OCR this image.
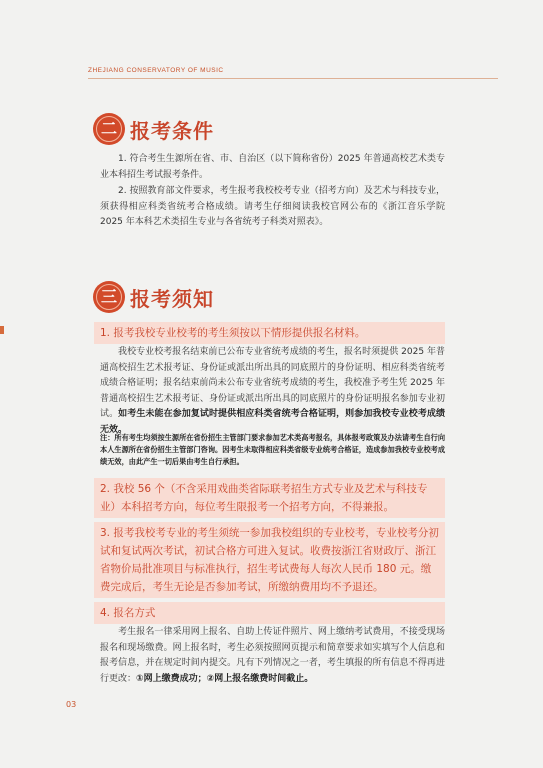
ZHEJIANG CONSERVATORY OF MUSIC
二 报考条件
1. 符合考生生源所在省、市、自治区（以下简称省份）2025 年普通高校艺术类专业本科招生考试报考条件。
2. 按照教育部文件要求，考生报考我校校考专业（招考方向）及艺术与科技专业，须获得相应科类省统考合格成绩。请考生仔细阅读我校官网公布的《浙江音乐学院 2025 年本科艺术类招生专业与各省统考子科类对照表》。
三 报考须知
1. 报考我校专业校考的考生须按以下情形提供报名材料。
我校专业校考报名结束前已公布专业省统考成绩的考生，报名时须提供 2025 年普通高校招生艺术报考证、身份证或派出所出具的同底照片的身份证明、相应科类省统考成绩合格证明；报名结束前尚未公布专业省统考成绩的考生，我校准予考生凭 2025 年普通高校招生艺术报考证、身份证或派出所出具的同底照片的身份证明报名参加专业初试。如考生未能在参加复试时提供相应科类省统考合格证明，则参加我校专业校考成绩无效。
注：所有考生均须按生源所在省份招生主管部门要求参加艺术类高考报名，具体报考政策及办法请考生自行向本人生源所在省份招生主管部门咨询。因考生未取得相应科类省级专业统考合格证，造成参加我校专业校考成绩无效，由此产生一切后果由考生自行承担。
2. 我校 56 个（不含采用戏曲类省际联考招生方式专业及艺术与科技专业）本科招考方向，每位考生限报考一个招考方向，不得兼报。
3. 报考我校考专业的考生须统一参加我校组织的专业校考，专业校考分初试和复试两次考试，初试合格方可进入复试。收费按浙江省财政厅、浙江省物价局批准项目与标准执行，招生考试费每人每次人民币 180 元。缴费完成后，考生无论是否参加考试，所缴纳费用均不予退还。
4. 报名方式
考生报名一律采用网上报名、自助上传证件照片、网上缴纳考试费用，不接受现场报名和现场缴费。网上报名时，考生必须按照网页提示和简章要求如实填写个人信息和报考信息，并在规定时间内提交。凡有下列情况之一者，考生填报的所有信息不得再进行更改：①网上缴费成功；②网上报名缴费时间截止。
03
